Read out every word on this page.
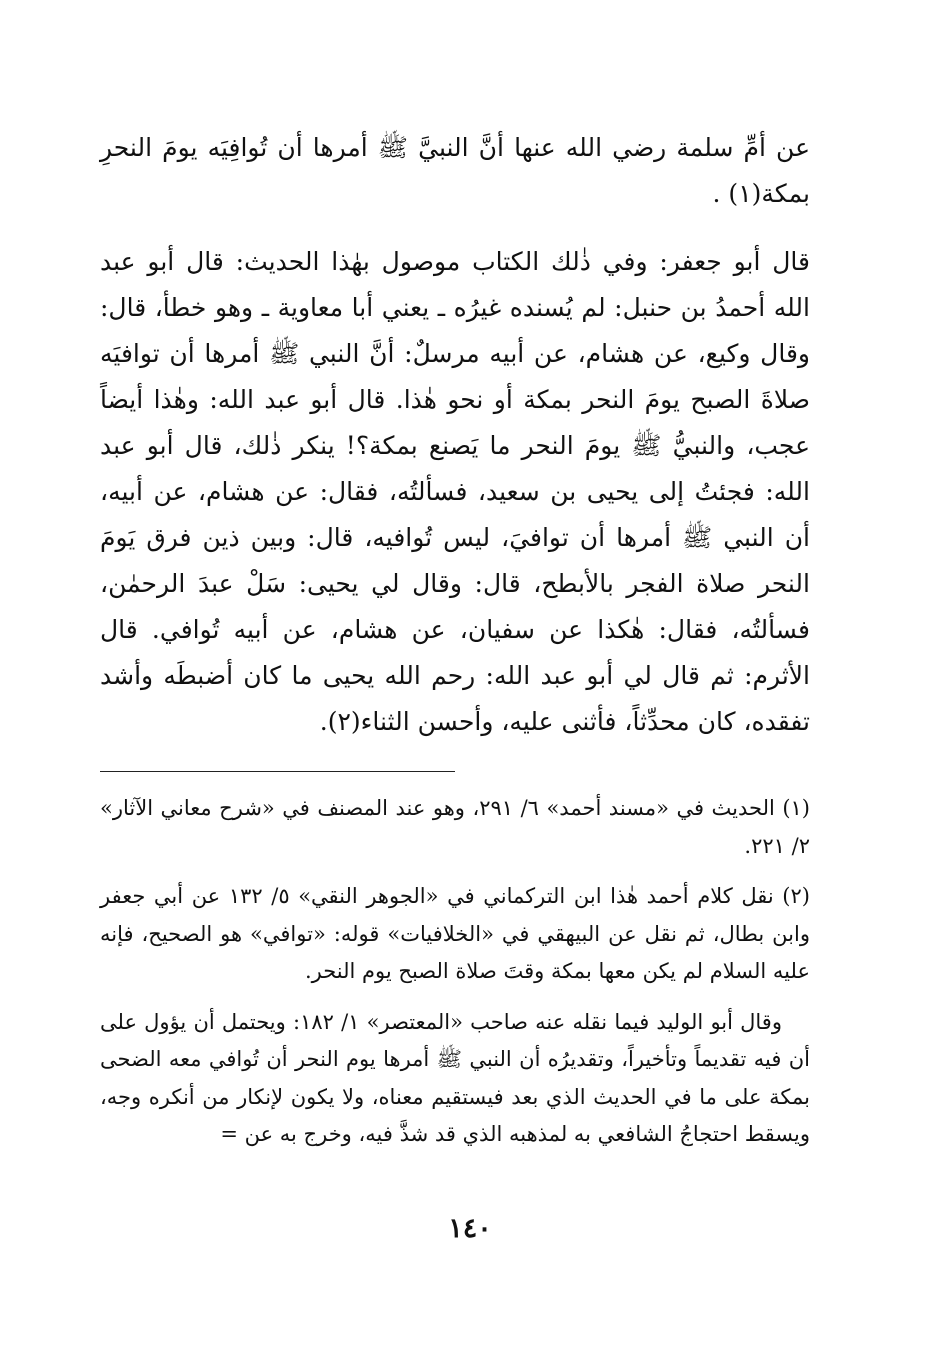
عن أمِّ سلمة رضي الله عنها أنَّ النبيَّ ﷺ أمرها أن تُوافِيَه يومَ النحرِ بمكة(١) .

قال أبو جعفر: وفي ذٰلك الكتاب موصول بهٰذا الحديث: قال أبو عبد الله أحمدُ بن حنبل: لم يُسنده غيرُه ـ يعني أبا معاوية ـ وهو خطأ، قال: وقال وكيع، عن هشام، عن أبيه مرسلٌ: أنَّ النبي ﷺ أمرها أن توافيَه صلاةَ الصبح يومَ النحر بمكة أو نحو هٰذا. قال أبو عبد الله: وهٰذا أيضاً عجب، والنبيُّ ﷺ يومَ النحر ما يَصنع بمكة؟! ينكر ذٰلك، قال أبو عبد الله: فجئتُ إلى يحيى بن سعيد، فسألتُه، فقال: عن هشام، عن أبيه، أن النبي ﷺ أمرها أن توافيَ، ليس تُوافيه، قال: وبين ذين فرق يَومَ النحر صلاة الفجر بالأبطح، قال: وقال لي يحيى: سَلْ عبدَ الرحمٰن، فسألتُه، فقال: هٰكذا عن سفيان، عن هشام، عن أبيه تُوافي. قال الأثرم: ثم قال لي أبو عبد الله: رحم الله يحيى ما كان أضبطَه وأشد تفقده، كان محدِّثاً، فأثنى عليه، وأحسن الثناء(٢).

(١) الحديث في «مسند أحمد» ٦/ ٢٩١، وهو عند المصنف في «شرح معاني الآثار» ٢/ ٢٢١.

(٢) نقل كلام أحمد هٰذا ابن التركماني في «الجوهر النقي» ٥/ ١٣٢ عن أبي جعفر وابن بطال، ثم نقل عن البيهقي في «الخلافيات» قوله: «توافي» هو الصحيح، فإنه عليه السلام لم يكن معها بمكة وقتَ صلاة الصبح يوم النحر.

وقال أبو الوليد فيما نقله عنه صاحب «المعتصر» ١/ ١٨٢: ويحتمل أن يؤول على أن فيه تقديماً وتأخيراً، وتقديرُه أن النبي ﷺ أمرها يوم النحر أن تُوافي معه الضحى بمكة على ما في الحديث الذي بعد فيستقيم معناه، ولا يكون لإنكار من أنكره وجه، ويسقط احتجاجُ الشافعي به لمذهبه الذي قد شذَّ فيه، وخرج به عن =

١٤٠
